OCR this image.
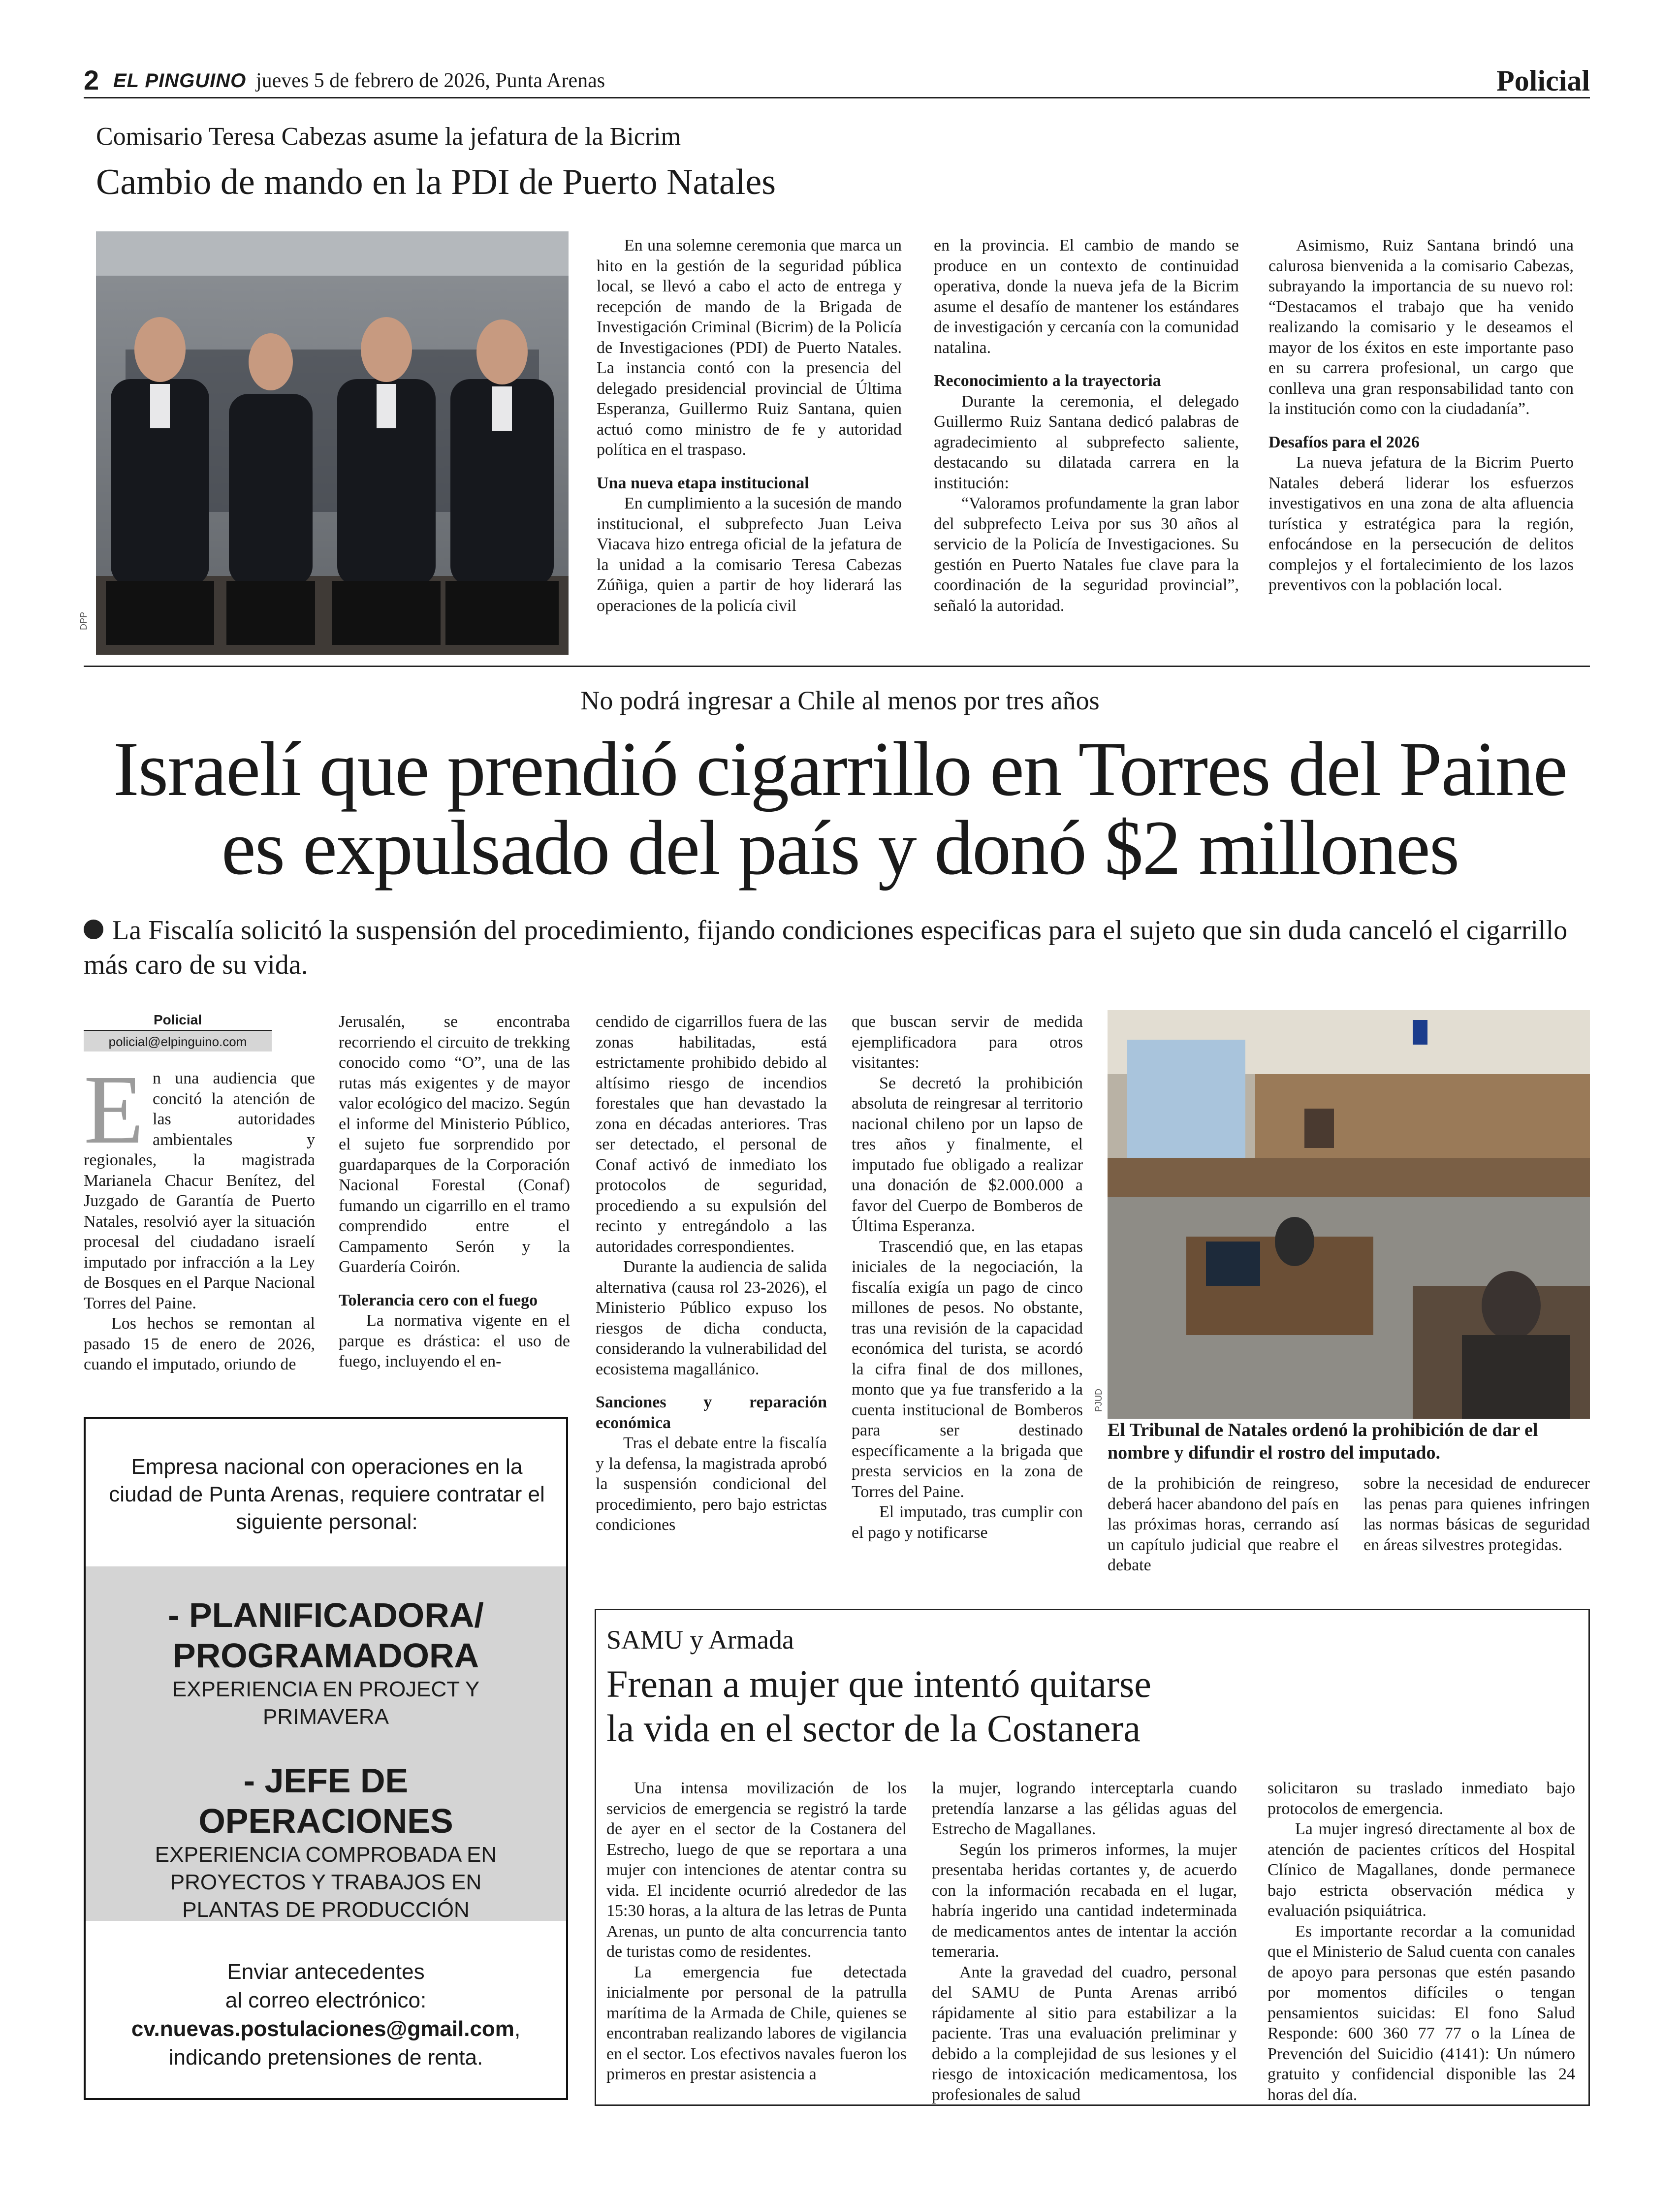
2 EL PINGUINO jueves 5 de febrero de 2026, Punta Arenas	Policial
Comisario Teresa Cabezas asume la jefatura de la Bicrim
Cambio de mando en la PDI de Puerto Natales
DPP

En una solemne ceremonia que marca un hito en la gestión de la seguridad pública local, se llevó a cabo el acto de entrega y recepción de mando de la Brigada de Investigación Criminal (Bicrim) de la Policía de Investigaciones (PDI) de Puerto Natales. La instancia contó con la presencia del delegado presidencial provincial de Última Esperanza, Guillermo Ruiz Santana, quien actuó como ministro de fe y autoridad política en el traspaso.

Una nueva etapa institucional

En cumplimiento a la sucesión de mando institucional, el subprefecto Juan Leiva Viacava hizo entrega oficial de la jefatura de la unidad a la comisario Teresa Cabezas Zúñiga, quien a partir de hoy liderará las operaciones de la policía civil

en la provincia. El cambio de mando se produce en un contexto de continuidad operativa, donde la nueva jefa de la Bicrim asume el desafío de mantener los estándares de investigación y cercanía con la comunidad natalina.

Reconocimiento a la trayectoria

Durante la ceremonia, el delegado Guillermo Ruiz Santana dedicó palabras de agradecimiento al subprefecto saliente, destacando su dilatada carrera en la institución:

“Valoramos profundamente la gran labor del subprefecto Leiva por sus 30 años al servicio de la Policía de Investigaciones. Su gestión en Puerto Natales fue clave para la coordinación de la seguridad provincial”, señaló la autoridad.

Asimismo, Ruiz Santana brindó una calurosa bienvenida a la comisario Cabezas, subrayando la importancia de su nuevo rol: “Destacamos el trabajo que ha venido realizando la comisario y le deseamos el mayor de los éxitos en este importante paso en su carrera profesional, un cargo que conlleva una gran responsabilidad tanto con la institución como con la ciudadanía”.

Desafíos para el 2026

La nueva jefatura de la Bicrim Puerto Natales deberá liderar los esfuerzos investigativos en una zona de alta afluencia turística y estratégica para la región, enfocándose en la persecución de delitos complejos y el fortalecimiento de los lazos preventivos con la población local.

No podrá ingresar a Chile al menos por tres años
Israelí que prendió cigarrillo en Torres del Paine
es expulsado del país y donó $2 millones
La Fiscalía solicitó la suspensión del procedimiento, fijando condiciones especificas para el sujeto que sin duda canceló el cigarrillo más caro de su vida.
Policial
policial@elpinguino.com
E n una audiencia que concitó la atención de las autoridades ambientales y regionales, la magistrada Marianela Chacur Benítez, del Juzgado de Garantía de Puerto Natales, resolvió ayer la situación procesal del ciudadano israelí imputado por infracción a la Ley de Bosques en el Parque Nacional Torres del Paine.

Los hechos se remontan al pasado 15 de enero de 2026, cuando el imputado, oriundo de

Jerusalén, se encontraba recorriendo el circuito de trekking conocido como “O”, una de las rutas más exigentes y de mayor valor ecológico del macizo. Según el informe del Ministerio Público, el sujeto fue sorprendido por guardaparques de la Corporación Nacional Forestal (Conaf) fumando un cigarrillo en el tramo comprendido entre el Campamento Serón y la Guardería Coirón.

Tolerancia cero con el fuego

La normativa vigente en el parque es drástica: el uso de fuego, incluyendo el en-

cendido de cigarrillos fuera de las zonas habilitadas, está estrictamente prohibido debido al altísimo riesgo de incendios forestales que han devastado la zona en décadas anteriores. Tras ser detectado, el personal de Conaf activó de inmediato los protocolos de seguridad, procediendo a su expulsión del recinto y entregándolo a las autoridades correspondientes.

Durante la audiencia de salida alternativa (causa rol 23-2026), el Ministerio Público expuso los riesgos de dicha conducta, considerando la vulnerabilidad del ecosistema magallánico.

Sanciones y reparación económica

Tras el debate entre la fiscalía y la defensa, la magistrada aprobó la suspensión condicional del procedimiento, pero bajo estrictas condiciones

que buscan servir de medida ejemplificadora para otros visitantes:

Se decretó la prohibición absoluta de reingresar al territorio nacional chileno por un lapso de tres años y finalmente, el imputado fue obligado a realizar una donación de $2.000.000 a favor del Cuerpo de Bomberos de Última Esperanza.

Trascendió que, en las etapas iniciales de la negociación, la fiscalía exigía un pago de cinco millones de pesos. No obstante, tras una revisión de la capacidad económica del turista, se acordó la cifra final de dos millones, monto que ya fue transferido a la cuenta institucional de Bomberos para ser destinado específicamente a la brigada que presta servicios en la zona de Torres del Paine.

El imputado, tras cumplir con el pago y notificarse

PJUD
El Tribunal de Natales ordenó la prohibición de dar el nombre y difundir el rostro del imputado.

de la prohibición de reingreso, deberá hacer abandono del país en las próximas horas, cerrando así un capítulo judicial que reabre el debate

sobre la necesidad de endurecer las penas para quienes infringen las normas básicas de seguridad en áreas silvestres protegidas.

Empresa nacional con operaciones en la ciudad de Punta Arenas, requiere contratar el siguiente personal:
- PLANIFICADORA/
PROGRAMADORA
EXPERIENCIA EN PROJECT Y PRIMAVERA
- JEFE DE
OPERACIONES
EXPERIENCIA COMPROBADA EN PROYECTOS Y TRABAJOS EN PLANTAS DE PRODUCCIÓN
Enviar antecedentes
al correo electrónico:
cv.nuevas.postulaciones@gmail.com, indicando pretensiones de renta.
SAMU y Armada
Frenan a mujer que intentó quitarse
la vida en el sector de la Costanera

Una intensa movilización de los servicios de emergencia se registró la tarde de ayer en el sector de la Costanera del Estrecho, luego de que se reportara a una mujer con intenciones de atentar contra su vida. El incidente ocurrió alrededor de las 15:30 horas, a la altura de las letras de Punta Arenas, un punto de alta concurrencia tanto de turistas como de residentes.

La emergencia fue detectada inicialmente por personal de la patrulla marítima de la Armada de Chile, quienes se encontraban realizando labores de vigilancia en el sector. Los efectivos navales fueron los primeros en prestar asistencia a

la mujer, logrando interceptarla cuando pretendía lanzarse a las gélidas aguas del Estrecho de Magallanes.

Según los primeros informes, la mujer presentaba heridas cortantes y, de acuerdo con la información recabada en el lugar, habría ingerido una cantidad indeterminada de medicamentos antes de intentar la acción temeraria.

Ante la gravedad del cuadro, personal del SAMU de Punta Arenas arribó rápidamente al sitio para estabilizar a la paciente. Tras una evaluación preliminar y debido a la complejidad de sus lesiones y el riesgo de intoxicación medicamentosa, los profesionales de salud

solicitaron su traslado inmediato bajo protocolos de emergencia.

La mujer ingresó directamente al box de atención de pacientes críticos del Hospital Clínico de Magallanes, donde permanece bajo estricta observación médica y evaluación psiquiátrica.

Es importante recordar a la comunidad que el Ministerio de Salud cuenta con canales de apoyo para personas que estén pasando por momentos difíciles o tengan pensamientos suicidas: El fono Salud Responde: 600 360 77 77 o la Línea de Prevención del Suicidio (4141): Un número gratuito y confidencial disponible las 24 horas del día.
